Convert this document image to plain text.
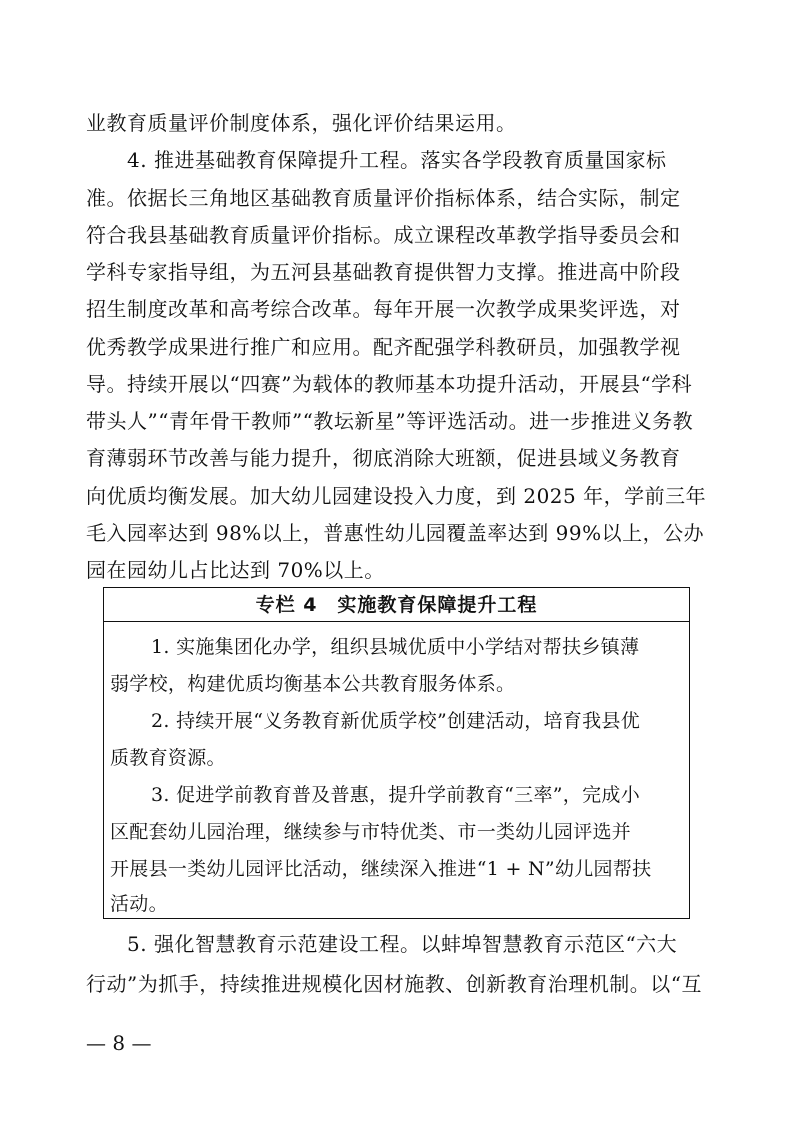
业教育质量评价制度体系，强化评价结果运用。
4. 推进基础教育保障提升工程。落实各学段教育质量国家标
准。依据长三角地区基础教育质量评价指标体系，结合实际，制定
符合我县基础教育质量评价指标。成立课程改革教学指导委员会和
学科专家指导组，为五河县基础教育提供智力支撑。推进高中阶段
招生制度改革和高考综合改革。每年开展一次教学成果奖评选，对
优秀教学成果进行推广和应用。配齐配强学科教研员，加强教学视
导。持续开展以“四赛”为载体的教师基本功提升活动，开展县“学科
带头人”“青年骨干教师”“教坛新星”等评选活动。进一步推进义务教
育薄弱环节改善与能力提升，彻底消除大班额，促进县域义务教育
向优质均衡发展。加大幼儿园建设投入力度，到 2025 年，学前三年
毛入园率达到 98%以上，普惠性幼儿园覆盖率达到 99%以上，公办
专栏 4　实施教育保障提升工程
1. 实施集团化办学，组织县城优质中小学结对帮扶乡镇薄
弱学校，构建优质均衡基本公共教育服务体系。
2. 持续开展“义务教育新优质学校”创建活动，培育我县优
质教育资源。
3. 促进学前教育普及普惠，提升学前教育“三率”，完成小
区配套幼儿园治理，继续参与市特优类、市一类幼儿园评选并
开展县一类幼儿园评比活动，继续深入推进“1 + N”幼儿园帮扶
活动。
5. 强化智慧教育示范建设工程。以蚌埠智慧教育示范区“六大
行动”为抓手，持续推进规模化因材施教、创新教育治理机制。以“互
— 8 —
园在园幼儿占比达到 70%以上。
